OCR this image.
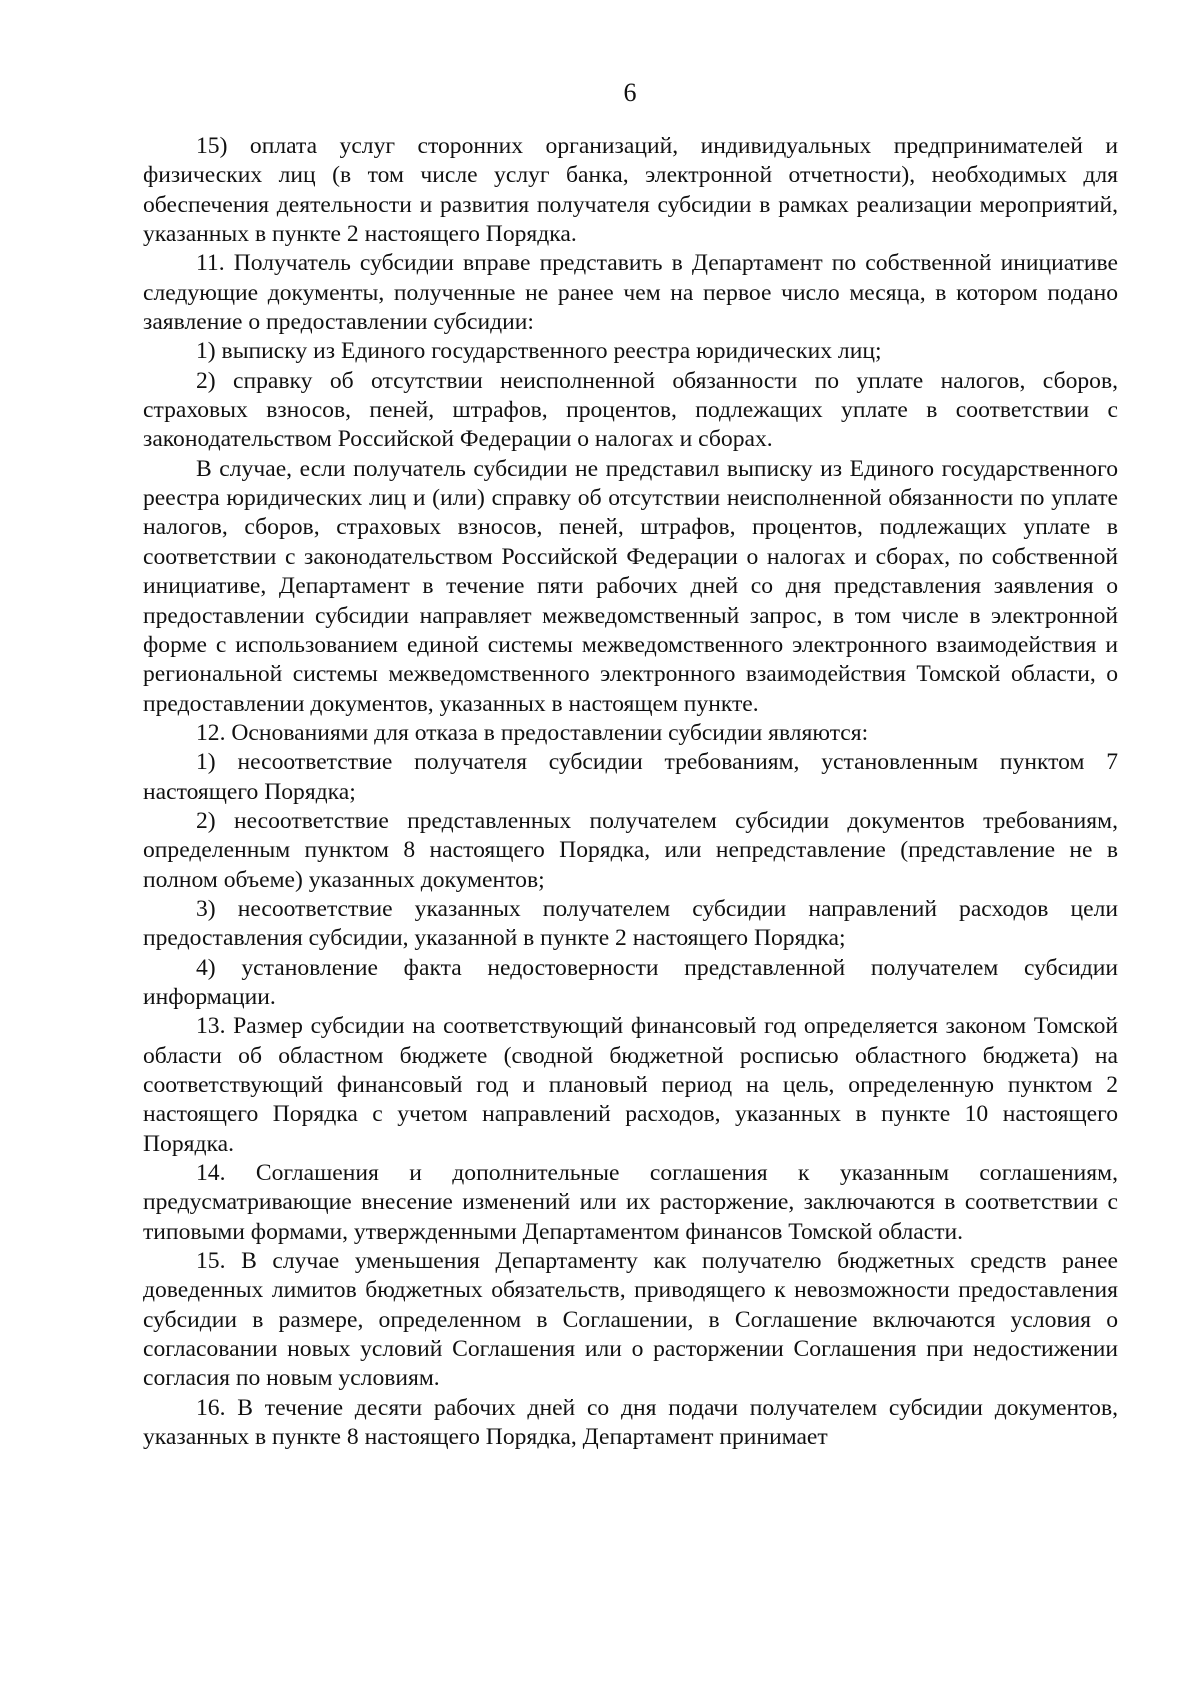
6

15) оплата услуг сторонних организаций, индивидуальных предпринимателей и физических лиц (в том числе услуг банка, электронной отчетности), необходимых для обеспечения деятельности и развития получателя субсидии в рамках реализации мероприятий, указанных в пункте 2 настоящего Порядка.

11. Получатель субсидии вправе представить в Департамент по собственной инициативе следующие документы, полученные не ранее чем на первое число месяца, в котором подано заявление о предоставлении субсидии:

1) выписку из Единого государственного реестра юридических лиц;

2) справку об отсутствии неисполненной обязанности по уплате налогов, сборов, страховых взносов, пеней, штрафов, процентов, подлежащих уплате в соответствии с законодательством Российской Федерации о налогах и сборах.

В случае, если получатель субсидии не представил выписку из Единого государственного реестра юридических лиц и (или) справку об отсутствии неисполненной обязанности по уплате налогов, сборов, страховых взносов, пеней, штрафов, процентов, подлежащих уплате в соответствии с законодательством Российской Федерации о налогах и сборах, по собственной инициативе, Департамент в течение пяти рабочих дней со дня представления заявления о предоставлении субсидии направляет межведомственный запрос, в том числе в электронной форме с использованием единой системы межведомственного электронного взаимодействия и региональной системы межведомственного электронного взаимодействия Томской области, о предоставлении документов, указанных в настоящем пункте.

12. Основаниями для отказа в предоставлении субсидии являются:

1) несоответствие получателя субсидии требованиям, установленным пунктом 7 настоящего Порядка;

2) несоответствие представленных получателем субсидии документов требованиям, определенным пунктом 8 настоящего Порядка, или непредставление (представление не в полном объеме) указанных документов;

3) несоответствие указанных получателем субсидии направлений расходов цели предоставления субсидии, указанной в пункте 2 настоящего Порядка;

4) установление факта недостоверности представленной получателем субсидии информации.

13. Размер субсидии на соответствующий финансовый год определяется законом Томской области об областном бюджете (сводной бюджетной росписью областного бюджета) на соответствующий финансовый год и плановый период на цель, определенную пунктом 2 настоящего Порядка с учетом направлений расходов, указанных в пункте 10 настоящего Порядка.

14. Соглашения и дополнительные соглашения к указанным соглашениям, предусматривающие внесение изменений или их расторжение, заключаются в соответствии с типовыми формами, утвержденными Департаментом финансов Томской области.

15. В случае уменьшения Департаменту как получателю бюджетных средств ранее доведенных лимитов бюджетных обязательств, приводящего к невозможности предоставления субсидии в размере, определенном в Соглашении, в Соглашение включаются условия о согласовании новых условий Соглашения или о расторжении Соглашения при недостижении согласия по новым условиям.

16. В течение десяти рабочих дней со дня подачи получателем субсидии документов, указанных в пункте 8 настоящего Порядка, Департамент принимает
